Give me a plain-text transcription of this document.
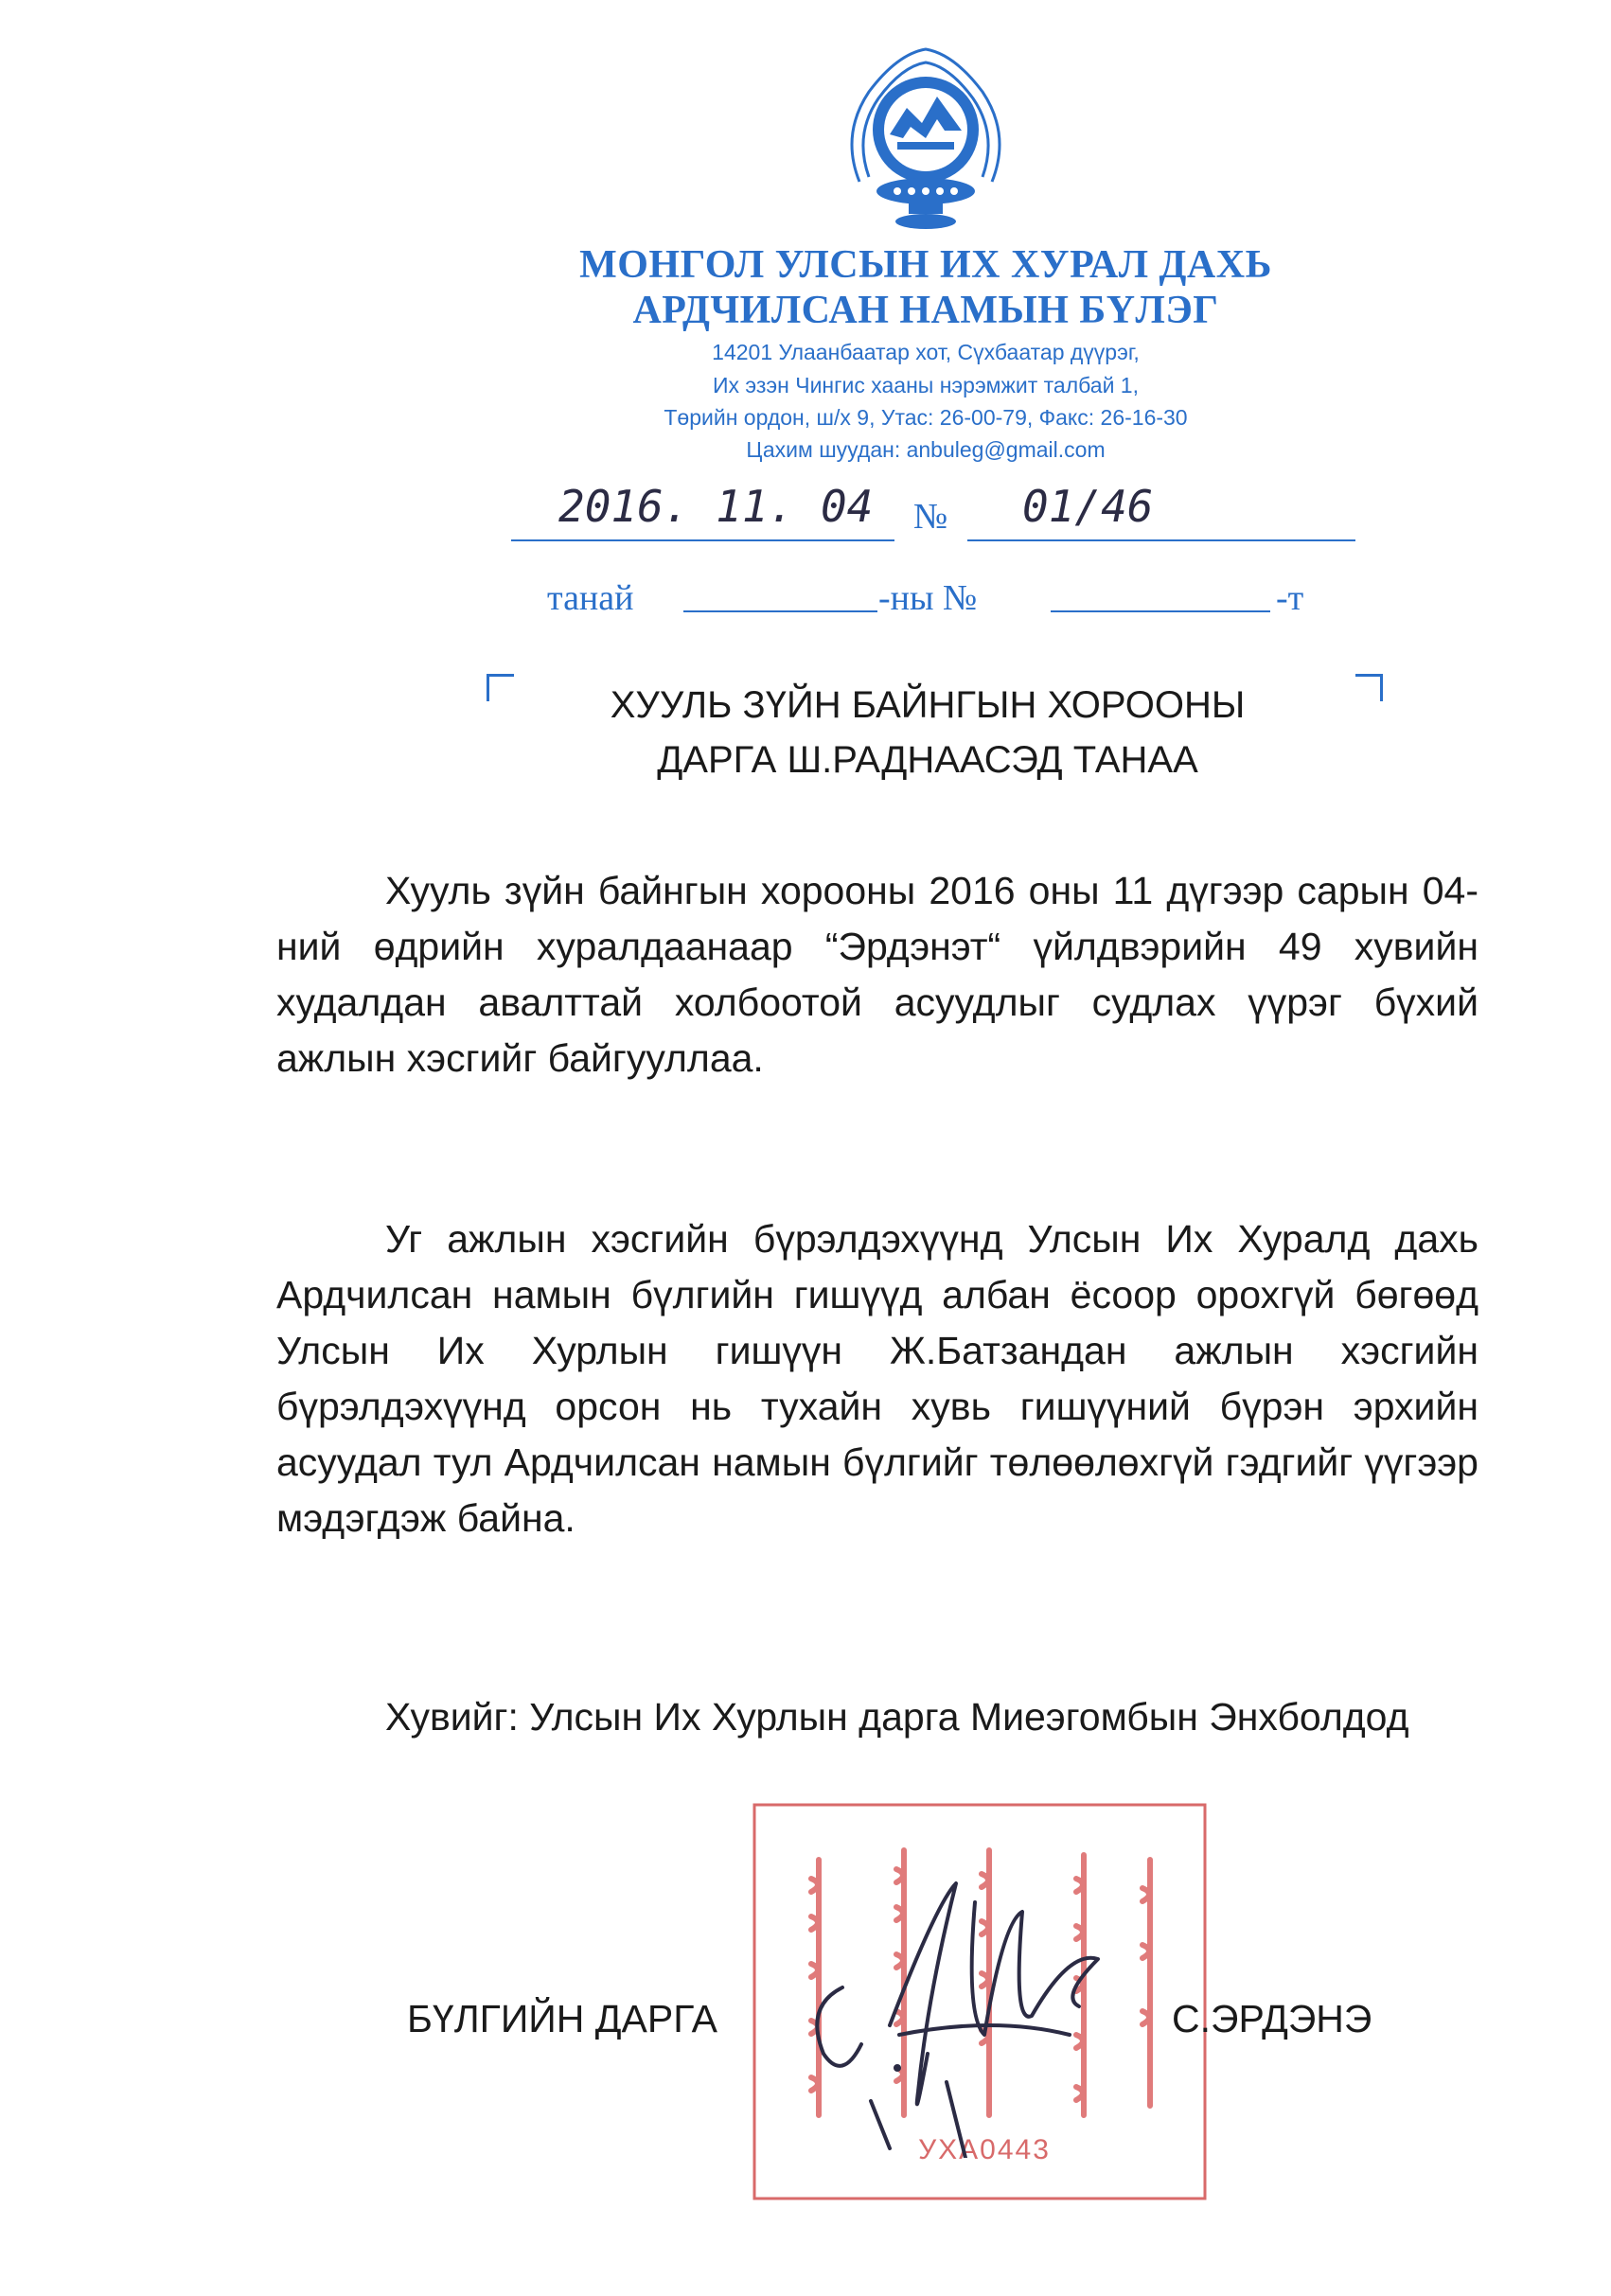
МОНГОЛ УЛСЫН ИХ ХУРАЛ ДАХЬ
АРДЧИЛСАН НАМЫН БҮЛЭГ
14201 Улаанбаатар хот, Сүхбаатар дүүрэг,
Их эзэн Чингис хааны нэрэмжит талбай 1,
Төрийн ордон, ш/х 9, Утас: 26-00-79, Факс: 26-16-30
Цахим шуудан: anbuleg@gmail.com
2016. 11. 04 № 01/46
танай	-ны №	-т
ХУУЛЬ ЗҮЙН БАЙНГЫН ХОРООНЫ
ДАРГА Ш.РАДНААСЭД ТАНАА

Хууль зүйн байнгын хорооны 2016 оны 11 дүгээр сарын 04-ний өдрийн хуралдаанаар “Эрдэнэт“ үйлдвэрийн 49 хувийн худалдан авалттай холбоотой асуудлыг судлах үүрэг бүхий ажлын хэсгийг байгууллаа.

Уг ажлын хэсгийн бүрэлдэхүүнд Улсын Их Хуралд дахь Ардчилсан намын бүлгийн гишүүд албан ёсоор орохгүй бөгөөд Улсын Их Хурлын гишүүн Ж.Батзандан ажлын хэсгийн бүрэлдэхүүнд орсон нь тухайн хувь гишүүний бүрэн эрхийн асуудал тул Ардчилсан намын бүлгийг төлөөлөхгүй гэдгийг үүгээр мэдэгдэж байна.

Хувийг: Улсын Их Хурлын дарга Миеэгомбын Энхболдод

УХА0443
БҮЛГИЙН ДАРГА	С.ЭРДЭНЭ
